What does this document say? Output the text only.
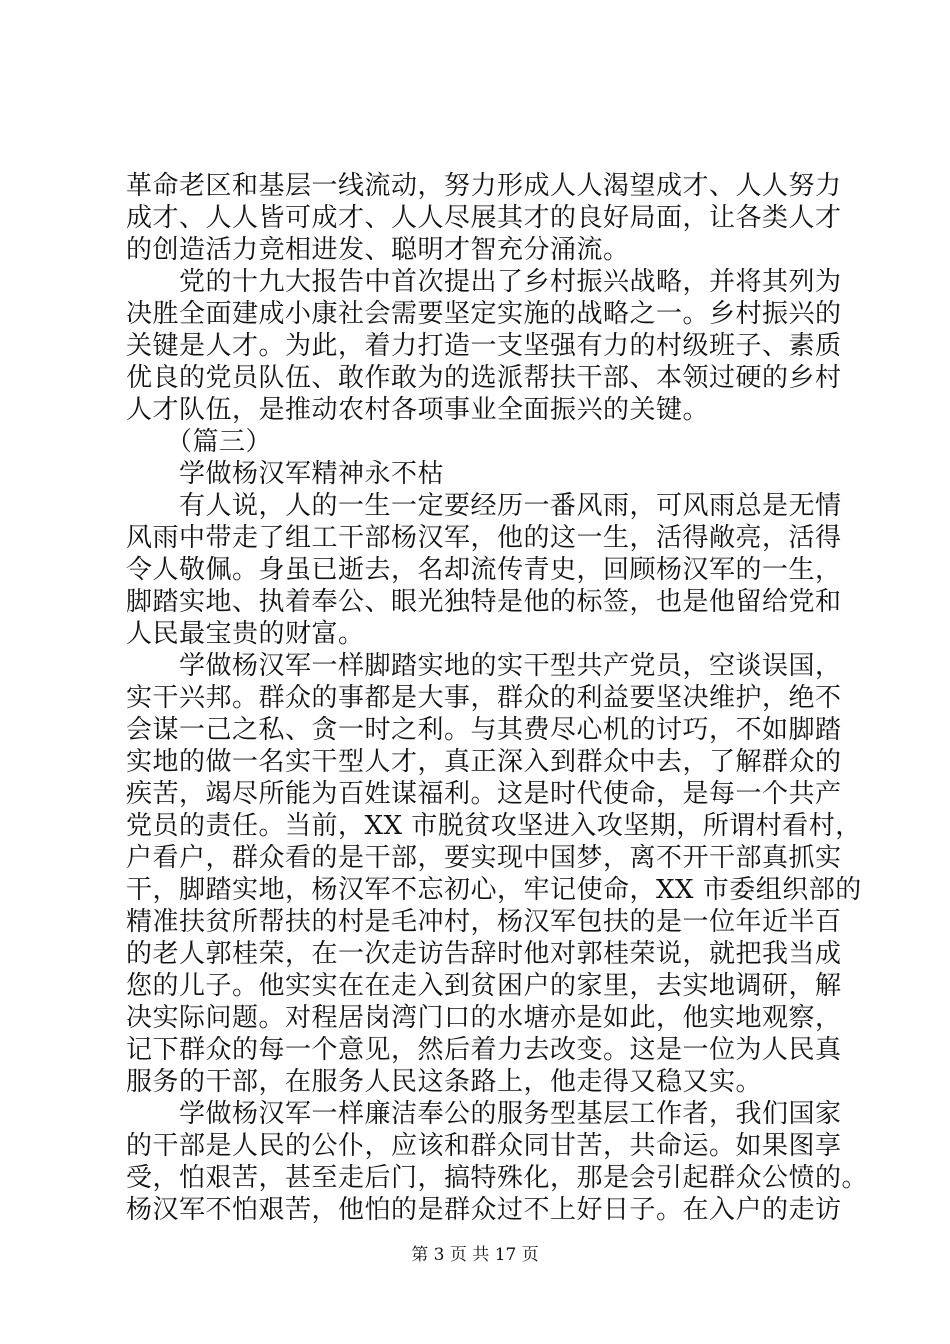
革命老区和基层一线流动，努力形成人人渴望成才、人人努力
成才、人人皆可成才、人人尽展其才的良好局面，让各类人才
的创造活力竞相进发、聪明才智充分涌流。
　　党的十九大报告中首次提出了乡村振兴战略，并将其列为
决胜全面建成小康社会需要坚定实施的战略之一。乡村振兴的
关键是人才。为此，着力打造一支坚强有力的村级班子、素质
优良的党员队伍、敢作敢为的选派帮扶干部、本领过硬的乡村
人才队伍，是推动农村各项事业全面振兴的关键。
　　（篇三）
　　学做杨汉军精神永不枯
　　有人说，人的一生一定要经历一番风雨，可风雨总是无情
风雨中带走了组工干部杨汉军，他的这一生，活得敞亮，活得
令人敬佩。身虽已逝去，名却流传青史，回顾杨汉军的一生，
脚踏实地、执着奉公、眼光独特是他的标签，也是他留给党和
人民最宝贵的财富。
　　学做杨汉军一样脚踏实地的实干型共产党员，空谈误国，
实干兴邦。群众的事都是大事，群众的利益要坚决维护，绝不
会谋一己之私、贪一时之利。与其费尽心机的讨巧，不如脚踏
实地的做一名实干型人才，真正深入到群众中去，了解群众的
疾苦，竭尽所能为百姓谋福利。这是时代使命，是每一个共产
党员的责任。当前，XX 市脱贫攻坚进入攻坚期，所谓村看村，
户看户，群众看的是干部，要实现中国梦，离不开干部真抓实
干，脚踏实地，杨汉军不忘初心，牢记使命，XX 市委组织部的
精准扶贫所帮扶的村是毛冲村，杨汉军包扶的是一位年近半百
的老人郭桂荣，在一次走访告辞时他对郭桂荣说，就把我当成
您的儿子。他实实在在走入到贫困户的家里，去实地调研，解
决实际问题。对程居岗湾门口的水塘亦是如此，他实地观察，
记下群众的每一个意见，然后着力去改变。这是一位为人民真
服务的干部，在服务人民这条路上，他走得又稳又实。
　　学做杨汉军一样廉洁奉公的服务型基层工作者，我们国家
的干部是人民的公仆，应该和群众同甘苦，共命运。如果图享
受，怕艰苦，甚至走后门，搞特殊化，那是会引起群众公愤的。
杨汉军不怕艰苦，他怕的是群众过不上好日子。在入户的走访
第 3 页 共 17 页
